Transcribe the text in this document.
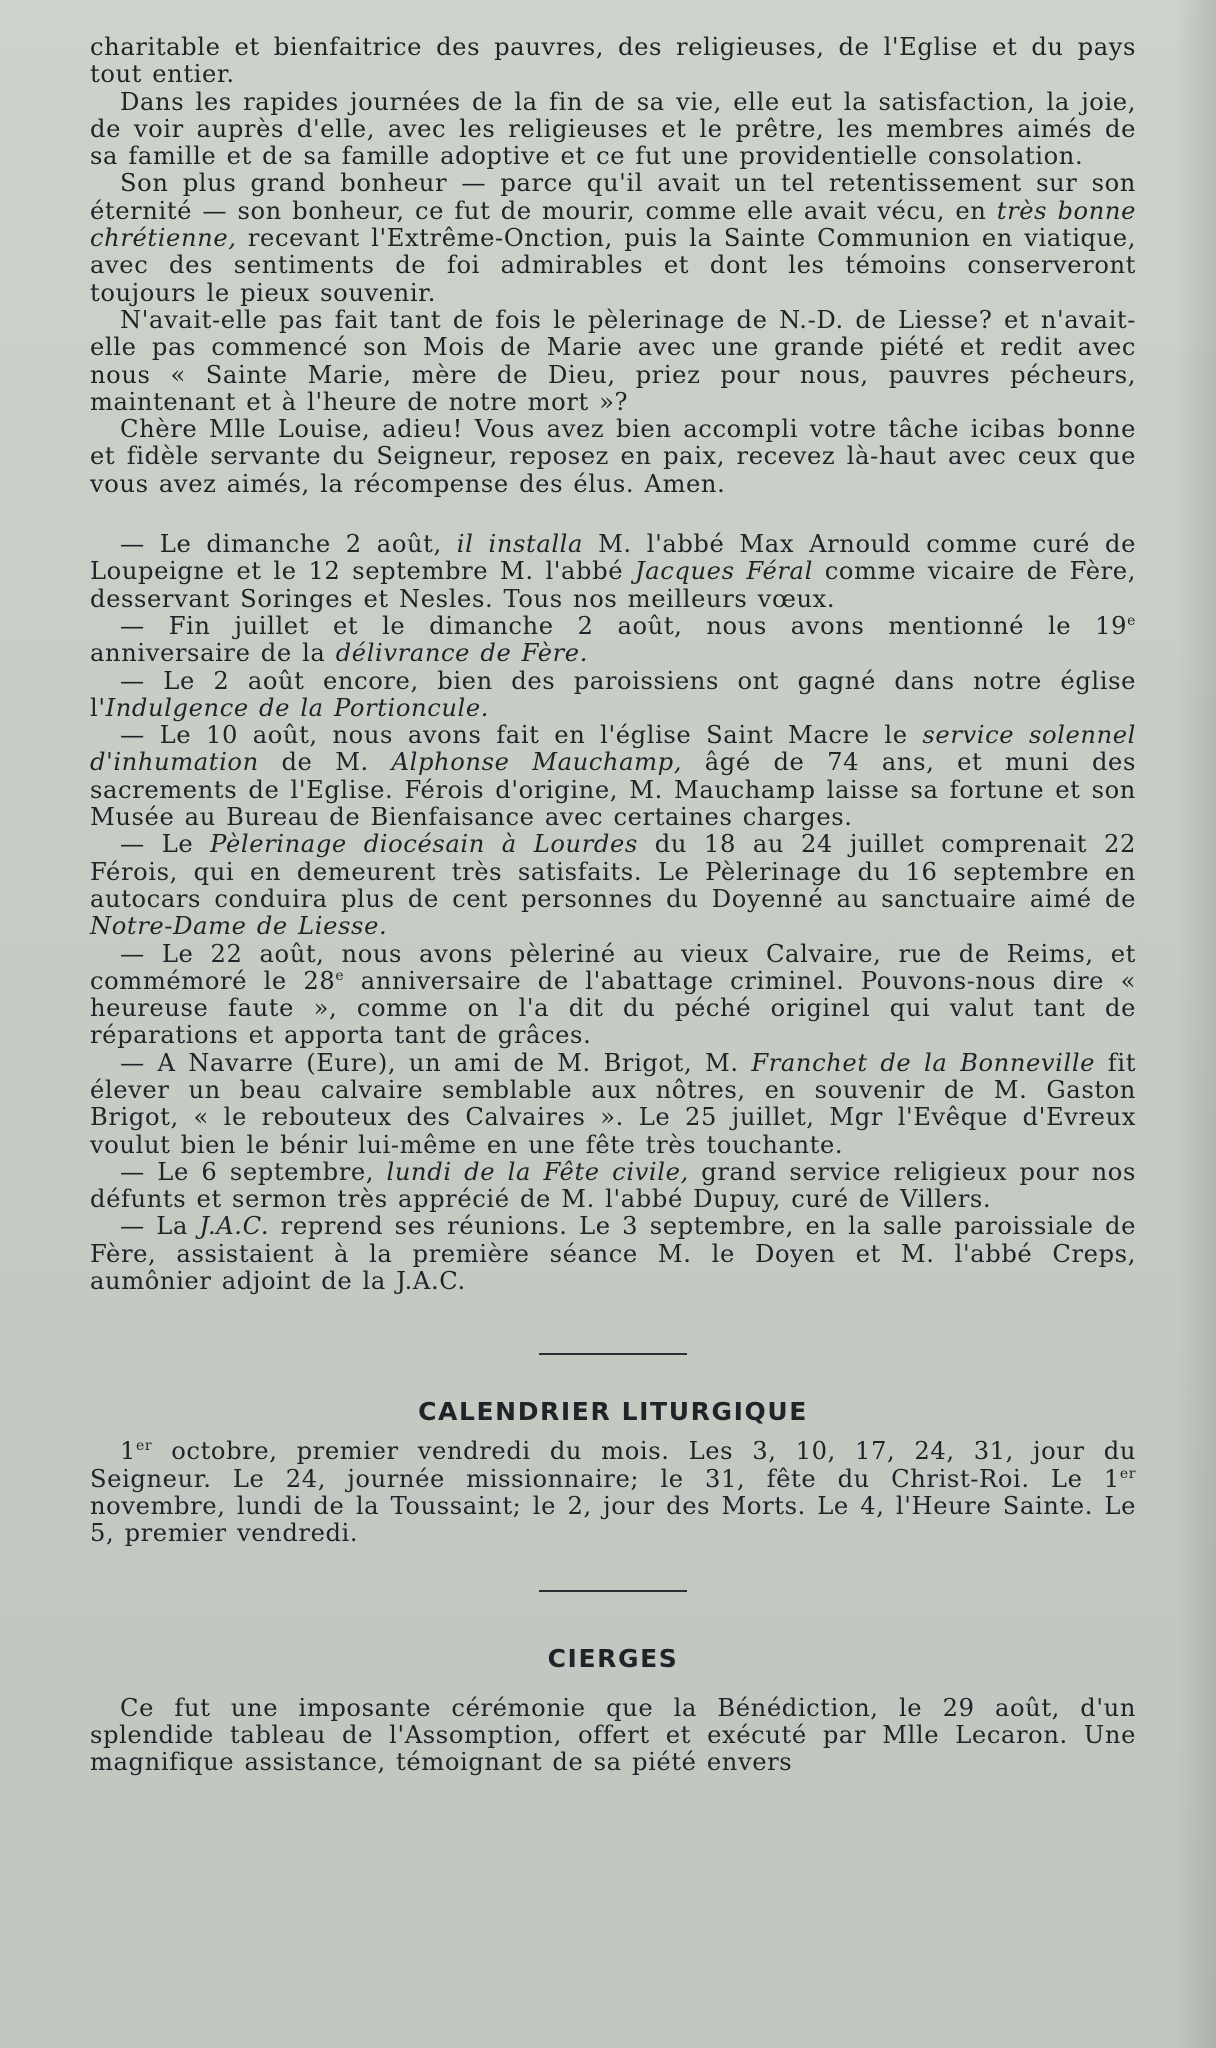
charitable et bienfaitrice des pauvres, des religieuses, de l'Eglise et du pays tout entier.

Dans les rapides journées de la fin de sa vie, elle eut la satisfaction, la joie, de voir auprès d'elle, avec les religieuses et le prêtre, les membres aimés de sa famille et de sa famille adoptive et ce fut une providentielle consolation.

Son plus grand bonheur — parce qu'il avait un tel retentissement sur son éternité — son bonheur, ce fut de mourir, comme elle avait vécu, en très bonne chrétienne, recevant l'Extrême-Onction, puis la Sainte Communion en viatique, avec des sentiments de foi admirables et dont les témoins conserveront toujours le pieux souvenir.

N'avait-elle pas fait tant de fois le pèlerinage de N.-D. de Liesse? et n'avait-elle pas commencé son Mois de Marie avec une grande piété et redit avec nous « Sainte Marie, mère de Dieu, priez pour nous, pauvres pécheurs, maintenant et à l'heure de notre mort »?

Chère Mlle Louise, adieu! Vous avez bien accompli votre tâche icibas bonne et fidèle servante du Seigneur, reposez en paix, recevez là-haut avec ceux que vous avez aimés, la récompense des élus. Amen.

— Le dimanche 2 août, il installa M. l'abbé Max Arnould comme curé de Loupeigne et le 12 septembre M. l'abbé Jacques Féral comme vicaire de Fère, desservant Soringes et Nesles. Tous nos meilleurs vœux.

— Fin juillet et le dimanche 2 août, nous avons mentionné le 19e anniversaire de la délivrance de Fère.

— Le 2 août encore, bien des paroissiens ont gagné dans notre église l'Indulgence de la Portioncule.

— Le 10 août, nous avons fait en l'église Saint Macre le service solennel d'inhumation de M. Alphonse Mauchamp, âgé de 74 ans, et muni des sacrements de l'Eglise. Férois d'origine, M. Mauchamp laisse sa fortune et son Musée au Bureau de Bienfaisance avec certaines charges.

— Le Pèlerinage diocésain à Lourdes du 18 au 24 juillet comprenait 22 Férois, qui en demeurent très satisfaits. Le Pèlerinage du 16 septembre en autocars conduira plus de cent personnes du Doyenné au sanctuaire aimé de Notre-Dame de Liesse.

— Le 22 août, nous avons pèleriné au vieux Calvaire, rue de Reims, et commémoré le 28e anniversaire de l'abattage criminel. Pouvons-nous dire « heureuse faute », comme on l'a dit du péché originel qui valut tant de réparations et apporta tant de grâces.

— A Navarre (Eure), un ami de M. Brigot, M. Franchet de la Bonneville fit élever un beau calvaire semblable aux nôtres, en souvenir de M. Gaston Brigot, « le rebouteux des Calvaires ». Le 25 juillet, Mgr l'Evêque d'Evreux voulut bien le bénir lui-même en une fête très touchante.

— Le 6 septembre, lundi de la Fête civile, grand service religieux pour nos défunts et sermon très apprécié de M. l'abbé Dupuy, curé de Villers.

— La J.A.C. reprend ses réunions. Le 3 septembre, en la salle paroissiale de Fère, assistaient à la première séance M. le Doyen et M. l'abbé Creps, aumônier adjoint de la J.A.C.

CALENDRIER LITURGIQUE

1er octobre, premier vendredi du mois. Les 3, 10, 17, 24, 31, jour du Seigneur. Le 24, journée missionnaire; le 31, fête du Christ-Roi. Le 1er novembre, lundi de la Toussaint; le 2, jour des Morts. Le 4, l'Heure Sainte. Le 5, premier vendredi.

CIERGES

Ce fut une imposante cérémonie que la Bénédiction, le 29 août, d'un splendide tableau de l'Assomption, offert et exécuté par Mlle Lecaron. Une magnifique assistance, témoignant de sa piété envers
